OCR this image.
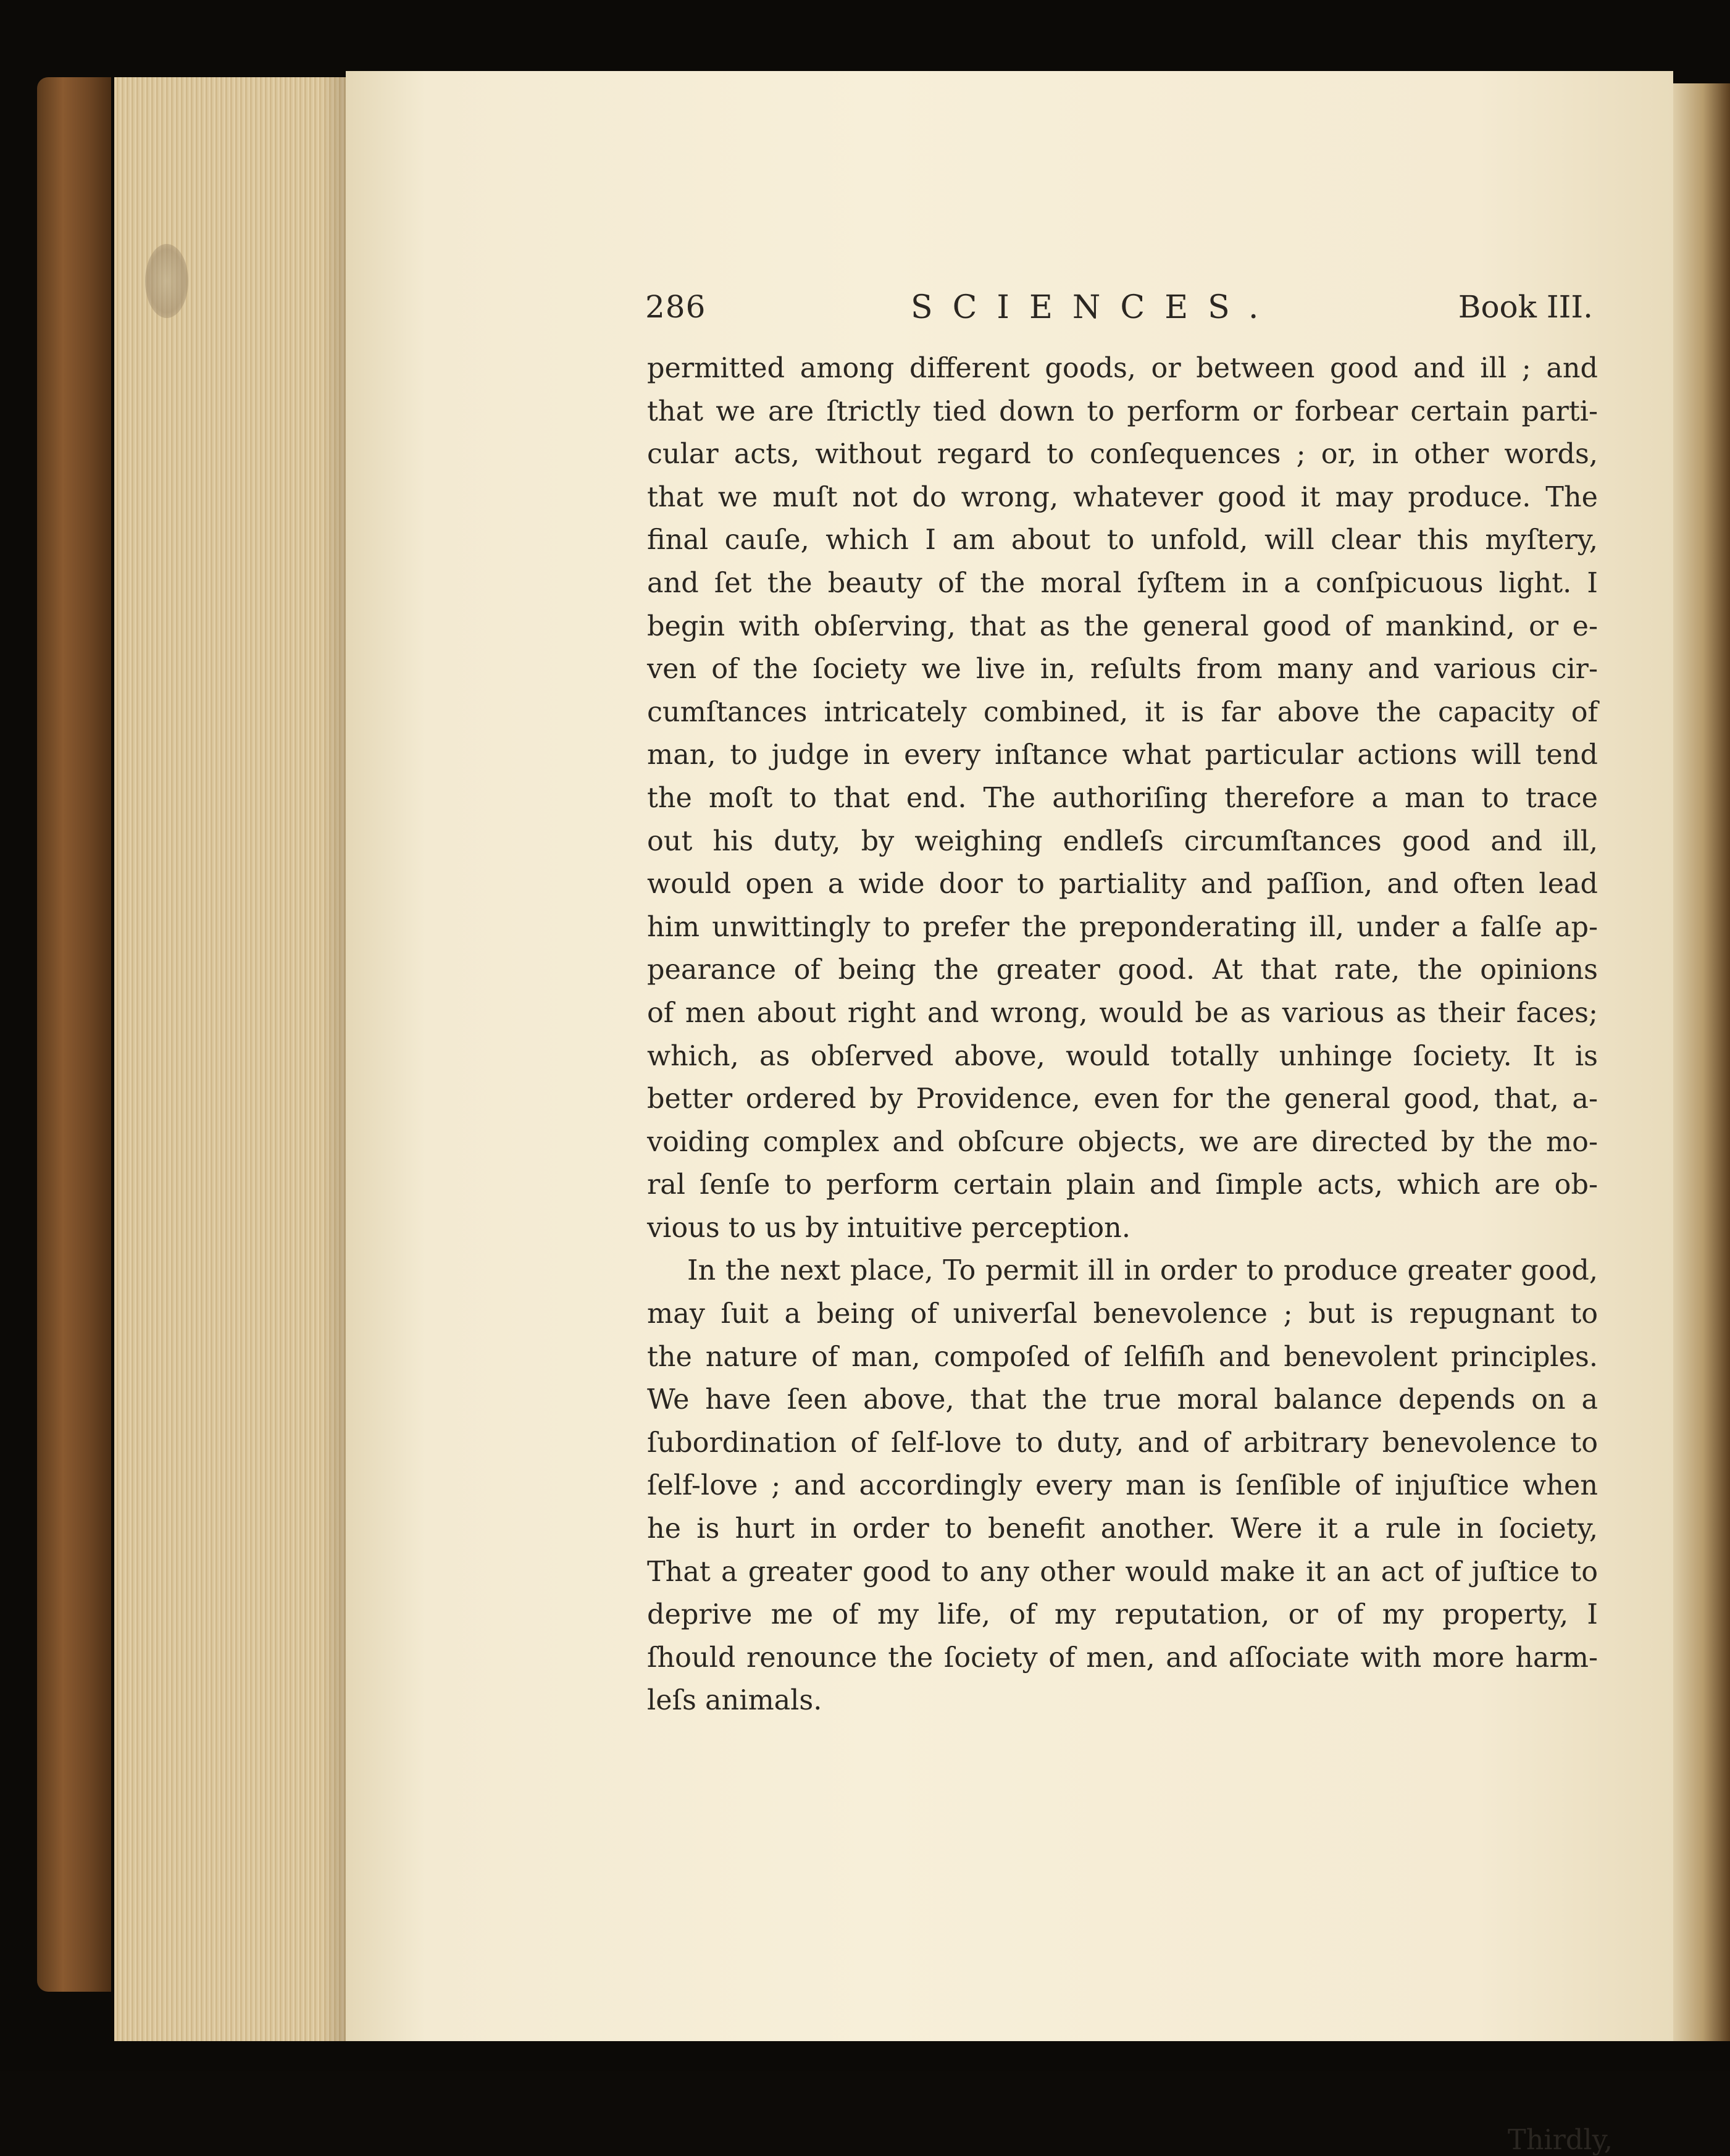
286	SCIENCES.	Book III.
permitted among different goods, or between good and ill ; and
that we are ſtrictly tied down to perform or forbear certain parti-
cular acts, without regard to conſequences ; or, in other words,
that we muſt not do wrong, whatever good it may produce. The
final cauſe, which I am about to unfold, will clear this myſtery,
and ſet the beauty of the moral ſyſtem in a conſpicuous light. I
begin with obſerving, that as the general good of mankind, or e-
ven of the ſociety we live in, reſults from many and various cir-
cumſtances intricately combined, it is far above the capacity of
man, to judge in every inſtance what particular actions will tend
the moſt to that end. The authoriſing therefore a man to trace
out his duty, by weighing endleſs circumſtances good and ill,
would open a wide door to partiality and paſſion, and often lead
him unwittingly to prefer the preponderating ill, under a falſe ap-
pearance of being the greater good. At that rate, the opinions
of men about right and wrong, would be as various as their faces;
which, as obſerved above, would totally unhinge ſociety. It is
better ordered by Providence, even for the general good, that, a-
voiding complex and obſcure objects, we are directed by the mo-
ral ſenſe to perform certain plain and ſimple acts, which are ob-
vious to us by intuitive perception.
In the next place, To permit ill in order to produce greater good,
may ſuit a being of univerſal benevolence ; but is repugnant to
the nature of man, compoſed of ſelfiſh and benevolent principles.
We have ſeen above, that the true moral balance depends on a
ſubordination of ſelf-love to duty, and of arbitrary benevolence to
ſelf-love ; and accordingly every man is ſenſible of injuſtice when
he is hurt in order to benefit another. Were it a rule in ſociety,
That a greater good to any other would make it an act of juſtice to
deprive me of my life, of my reputation, or of my property, I
ſhould renounce the ſociety of men, and aſſociate with more harm-
leſs animals.
Thirdly,
